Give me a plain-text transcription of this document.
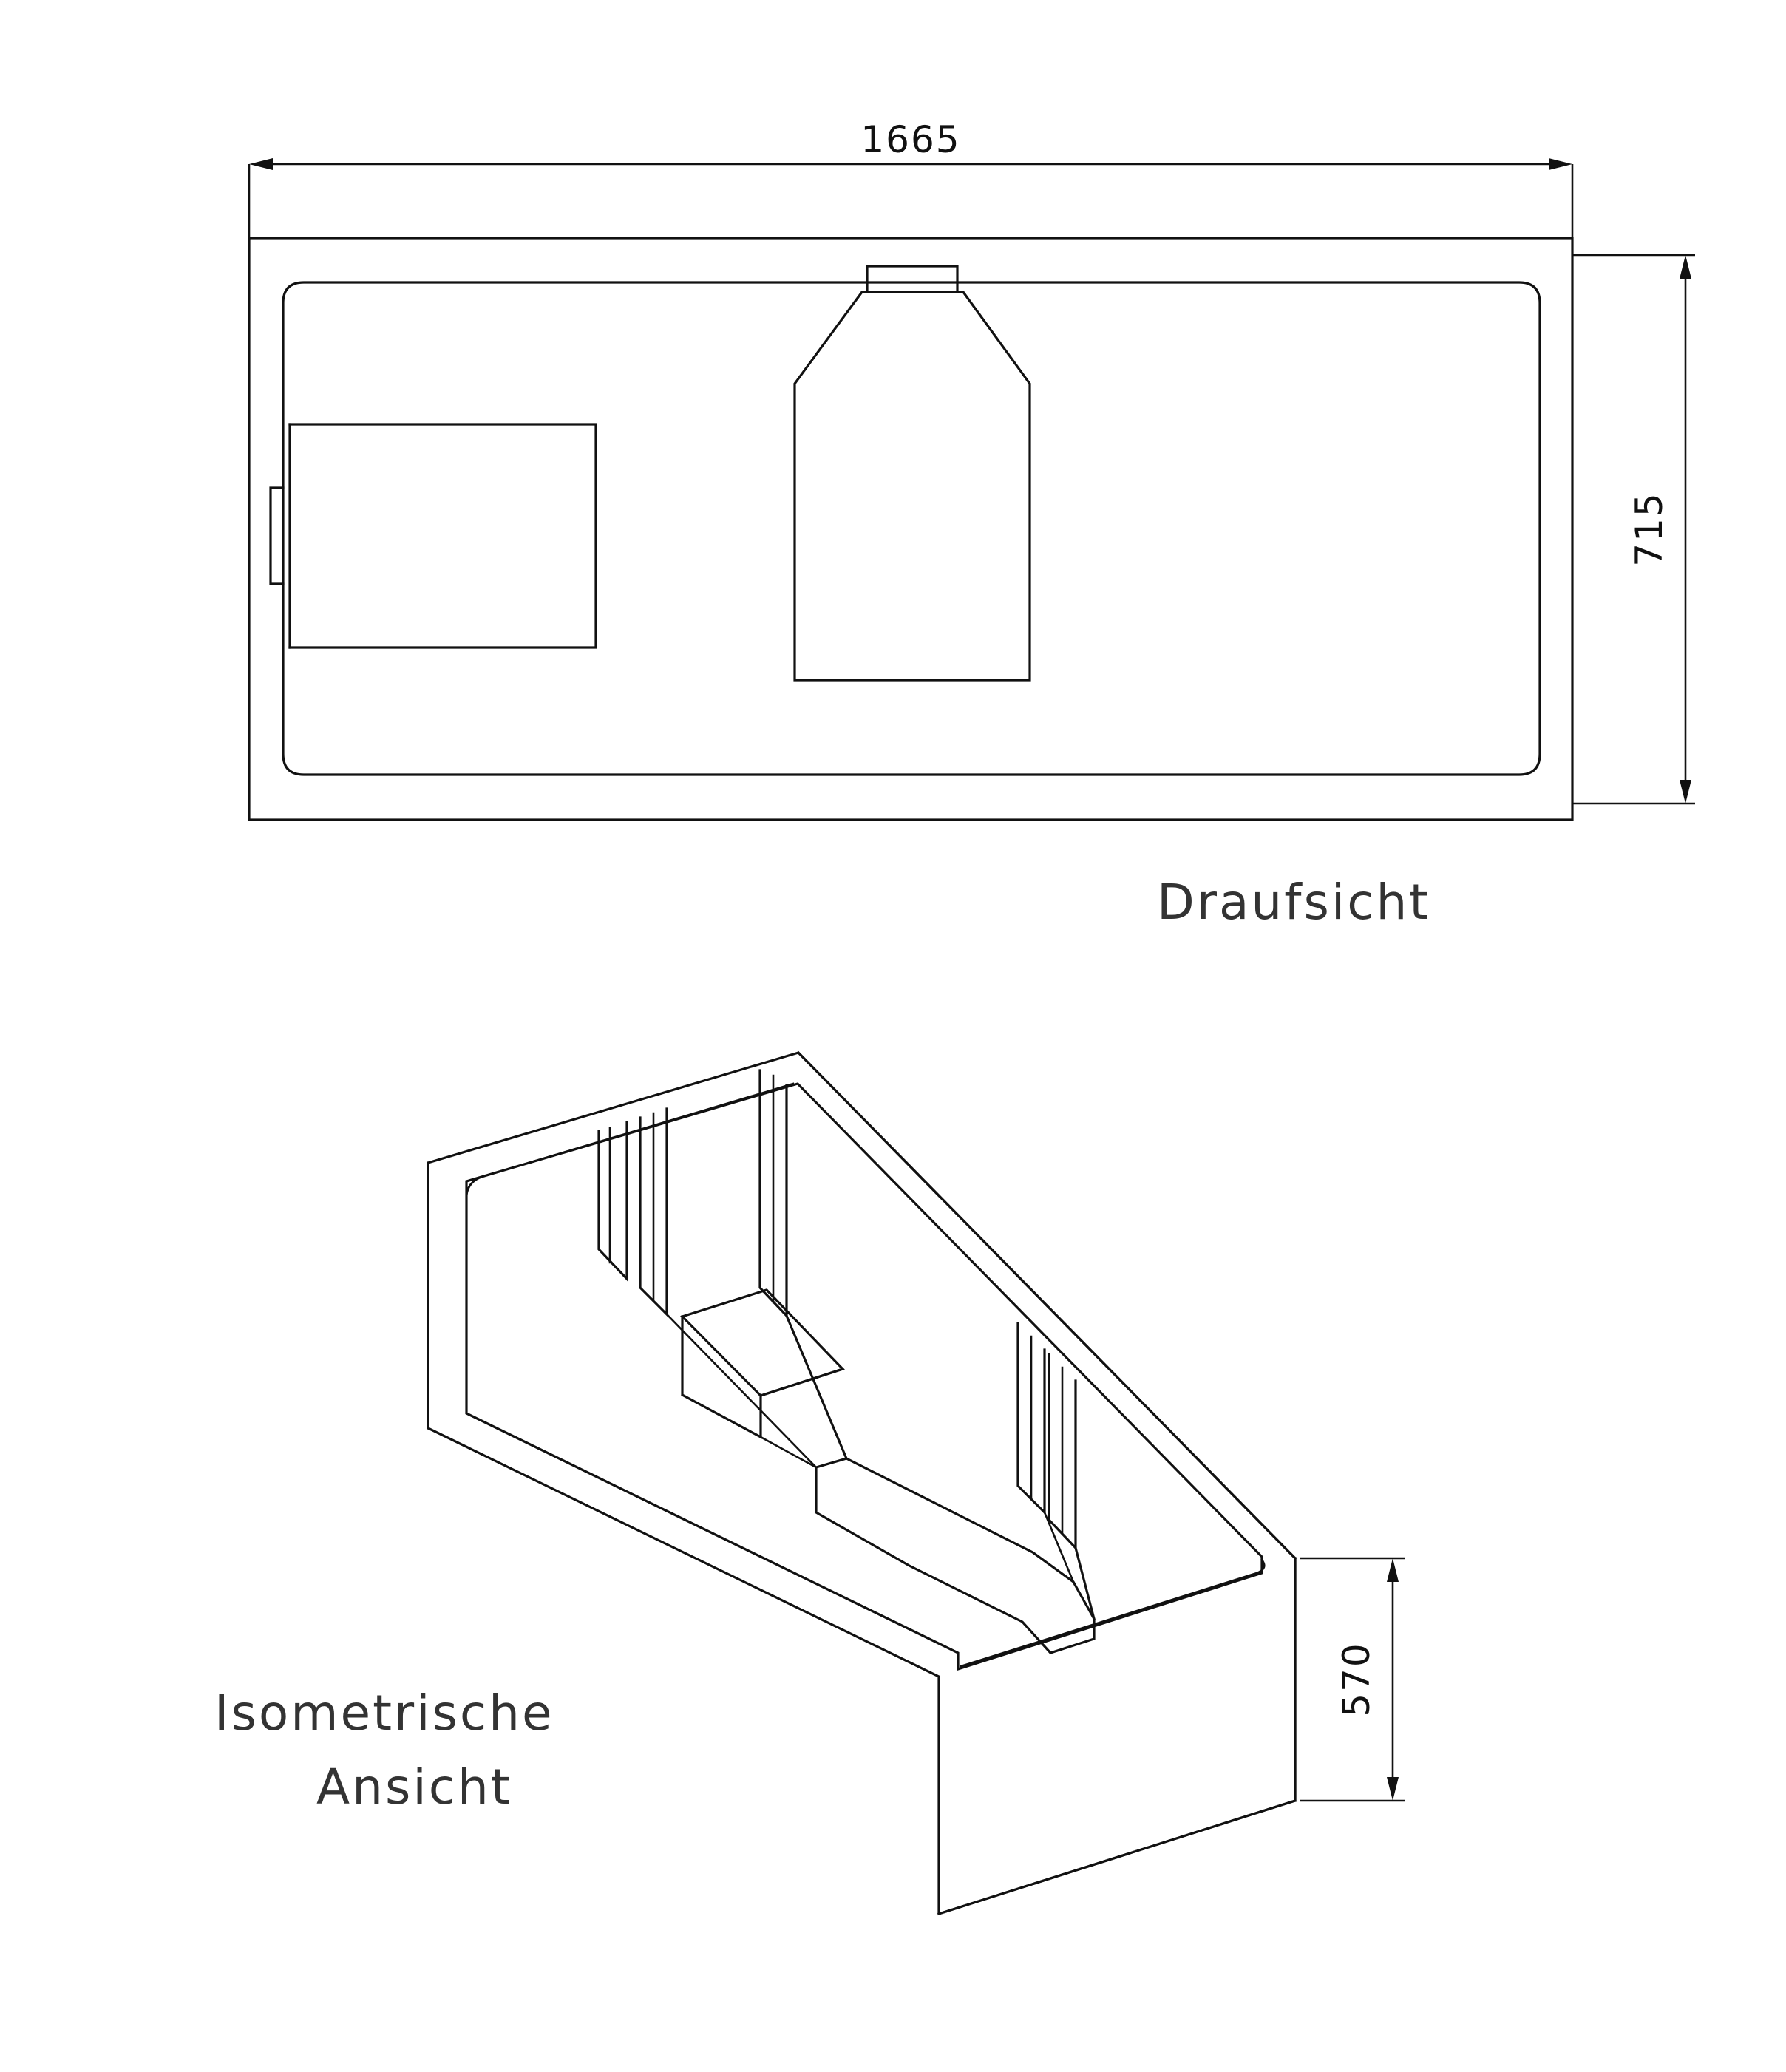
1665
715
Draufsicht
570
Isometrische
Ansicht
